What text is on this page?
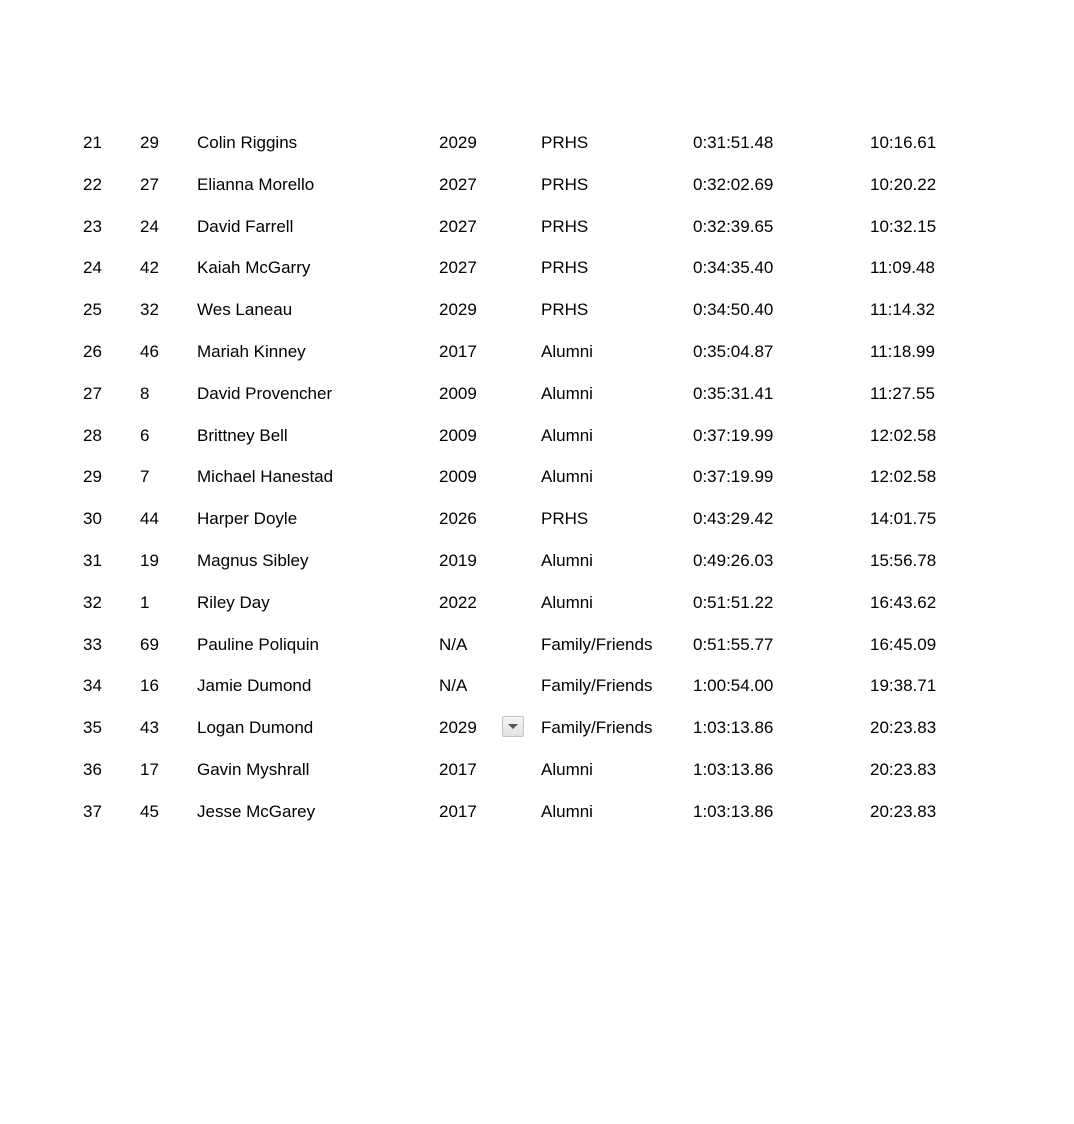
21 29 Colin Riggins	2029	PRHS	0:31:51.48	10:16.61
22 27 Elianna Morello	2027	PRHS	0:32:02.69	10:20.22
23 24 David Farrell	2027	PRHS	0:32:39.65	10:32.15
24 42 Kaiah McGarry	2027	PRHS	0:34:35.40	11:09.48
25 32 Wes Laneau	2029	PRHS	0:34:50.40	11:14.32
26 46 Mariah Kinney	2017	Alumni	0:35:04.87	11:18.99
27 8	David Provencher	2009	Alumni	0:35:31.41	11:27.55
28 6	Brittney Bell	2009	Alumni	0:37:19.99	12:02.58
29 7	Michael Hanestad	2009	Alumni	0:37:19.99	12:02.58
30 44 Harper Doyle	2026	PRHS	0:43:29.42	14:01.75
31 19 Magnus Sibley	2019	Alumni	0:49:26.03	15:56.78
32 1	Riley Day	2022	Alumni	0:51:51.22	16:43.62
33 69 Pauline Poliquin	N/A	Family/Friends 0:51:55.77	16:45.09
34 16 Jamie Dumond	N/A	Family/Friends 1:00:54.00	19:38.71
35 43 Logan Dumond	2029	Family/Friends 1:03:13.86	20:23.83
36 17 Gavin Myshrall	2017	Alumni	1:03:13.86	20:23.83
37 45 Jesse McGarey	2017	Alumni	1:03:13.86	20:23.83
